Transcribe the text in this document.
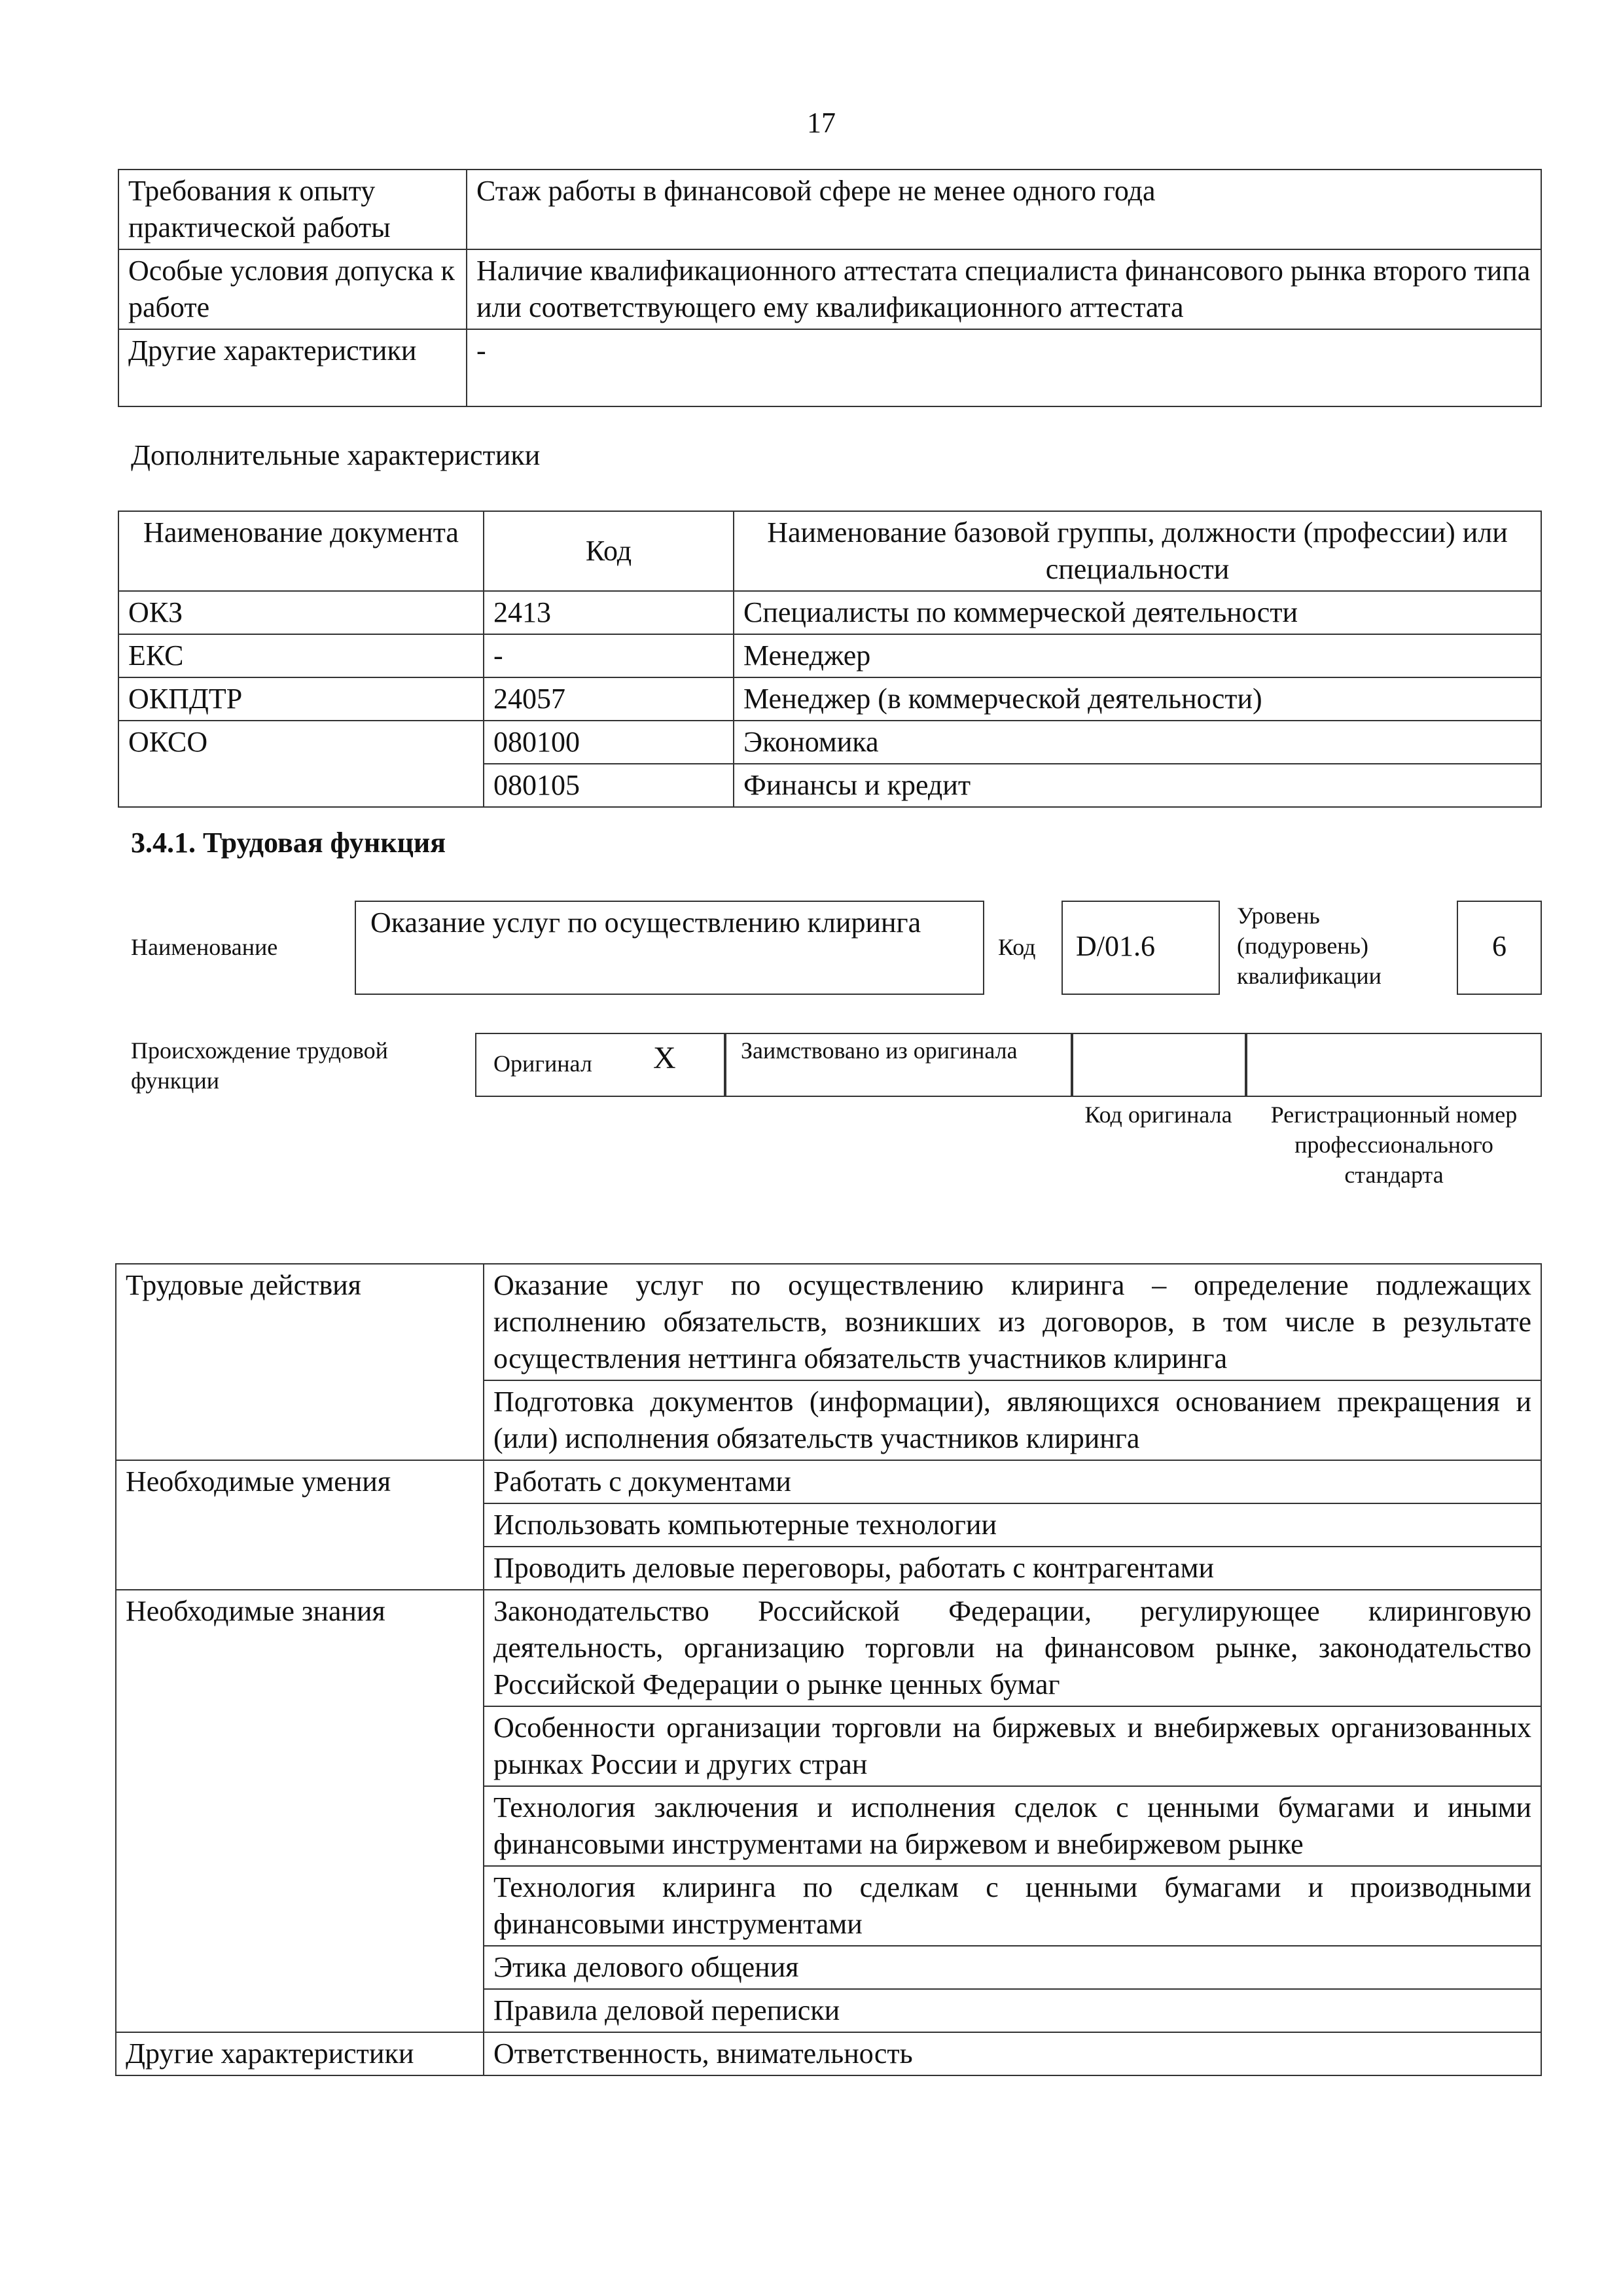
17
Требования к опыту практической работы	Стаж работы в финансовой сфере не менее одного года
Особые условия допуска к работе	Наличие квалификационного аттестата специалиста финансового рынка второго типа или соответствующего ему квалификационного аттестата
Другие характеристики	-
Дополнительные характеристики
Наименование документа	Код	Наименование базовой группы, должности (профессии) или специальности
ОКЗ	2413	Специалисты по коммерческой деятельности
ЕКС	-	Менеджер
ОКПДТР	24057	Менеджер (в коммерческой деятельности)
ОКСО	080100	Экономика
	080105	Финансы и кредит
3.4.1. Трудовая функция
Наименование
Оказание услуг по осуществлению клиринга
Код	D/01.6
Уровень (подуровень) квалификации
6
Происхождение трудовой функции
Оригинал X	Заимствовано из оригинала
Код оригинала	Регистрационный номер профессионального стандарта
Трудовые действия	Оказание услуг по осуществлению клиринга – определение подлежащих исполнению обязательств, возникших из договоров, в том числе в результате осуществления неттинга обязательств участников клиринга
	Подготовка документов (информации), являющихся основанием прекращения и (или) исполнения обязательств участников клиринга
Необходимые умения	Работать с документами
	Использовать компьютерные технологии
	Проводить деловые переговоры, работать с контрагентами
Необходимые знания	Законодательство Российской Федерации, регулирующее клиринговую деятельность, организацию торговли на финансовом рынке, законодательство Российской Федерации о рынке ценных бумаг
	Особенности организации торговли на биржевых и внебиржевых организованных рынках России и других стран
	Технология заключения и исполнения сделок с ценными бумагами и иными финансовыми инструментами на биржевом и внебиржевом рынке
	Технология клиринга по сделкам с ценными бумагами и производными финансовыми инструментами
	Этика делового общения
	Правила деловой переписки
Другие характеристики	Ответственность, внимательность
